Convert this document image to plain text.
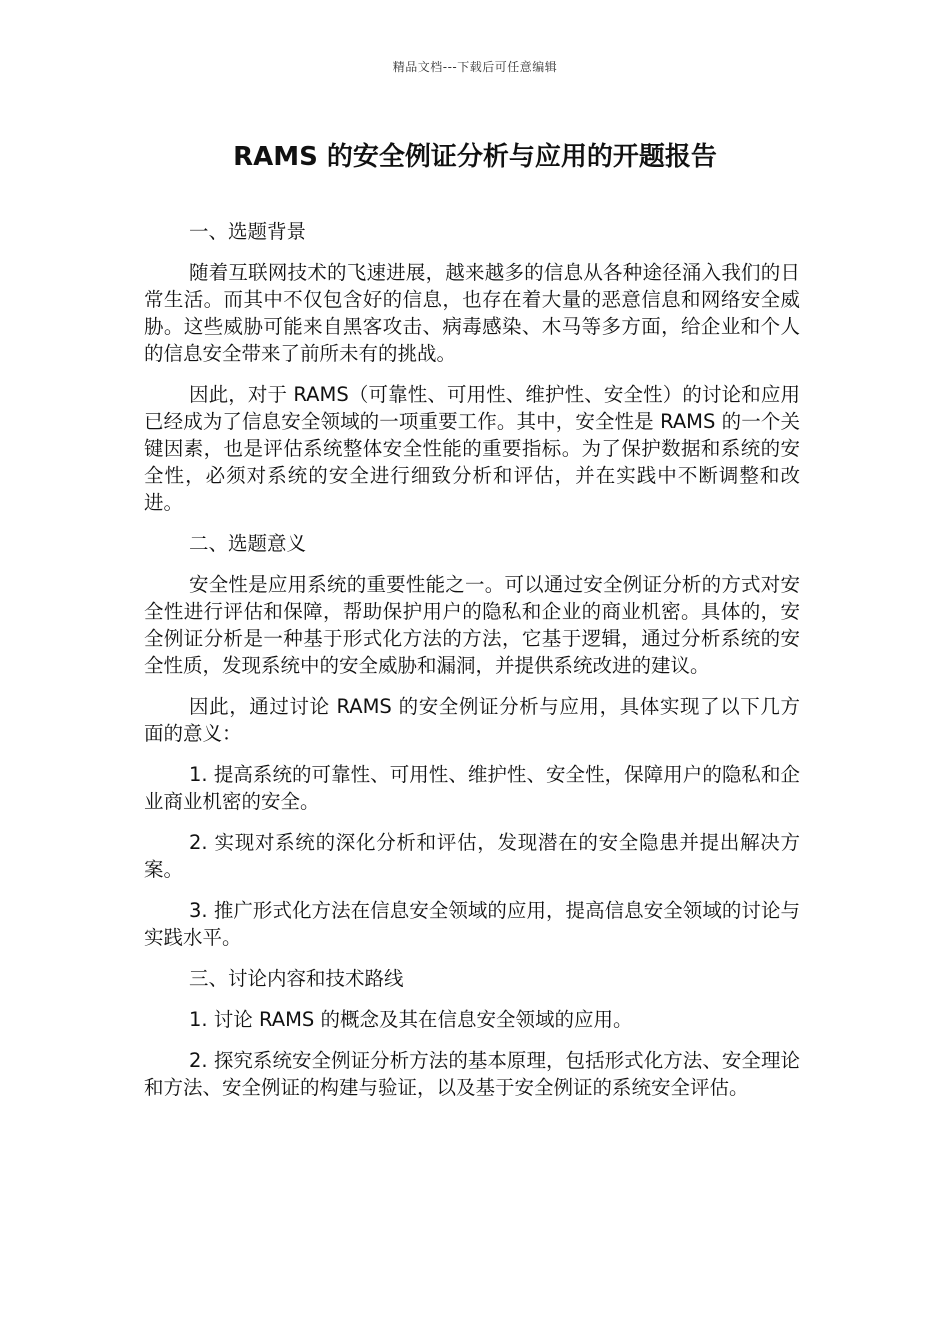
精品文档---下载后可任意编辑
RAMS 的安全例证分析与应用的开题报告

一、选题背景

随着互联网技术的飞速进展，越来越多的信息从各种途径涌入我们的日常生活。而其中不仅包含好的信息，也存在着大量的恶意信息和网络安全威胁。这些威胁可能来自黑客攻击、病毒感染、木马等多方面，给企业和个人的信息安全带来了前所未有的挑战。

因此，对于 RAMS（可靠性、可用性、维护性、安全性）的讨论和应用已经成为了信息安全领域的一项重要工作。其中，安全性是 RAMS 的一个关键因素，也是评估系统整体安全性能的重要指标。为了保护数据和系统的安全性，必须对系统的安全进行细致分析和评估，并在实践中不断调整和改进。

二、选题意义

安全性是应用系统的重要性能之一。可以通过安全例证分析的方式对安全性进行评估和保障，帮助保护用户的隐私和企业的商业机密。具体的，安全例证分析是一种基于形式化方法的方法，它基于逻辑，通过分析系统的安全性质，发现系统中的安全威胁和漏洞，并提供系统改进的建议。

因此，通过讨论 RAMS 的安全例证分析与应用，具体实现了以下几方面的意义：

1. 提高系统的可靠性、可用性、维护性、安全性，保障用户的隐私和企业商业机密的安全。

2. 实现对系统的深化分析和评估，发现潜在的安全隐患并提出解决方案。

3. 推广形式化方法在信息安全领域的应用，提高信息安全领域的讨论与实践水平。

三、讨论内容和技术路线

1. 讨论 RAMS 的概念及其在信息安全领域的应用。

2. 探究系统安全例证分析方法的基本原理，包括形式化方法、安全理论和方法、安全例证的构建与验证，以及基于安全例证的系统安全评估。
